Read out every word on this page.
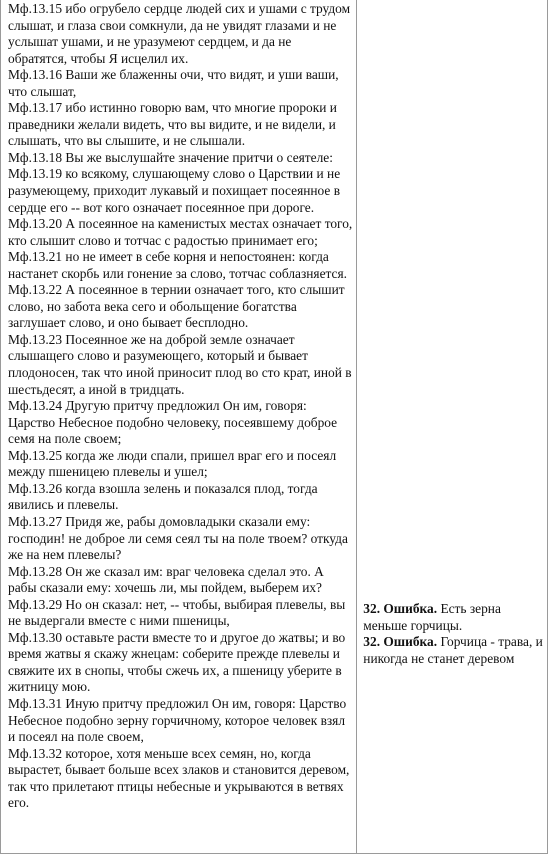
Мф.13.15 ибо огрубело сердце людей сих и ушами с трудом слышат, и глаза свои сомкнули, да не увидят глазами и не услышат ушами, и не уразумеют сердцем, и да не обратятся, чтобы Я исцелил их.

Мф.13.16 Ваши же блаженны очи, что видят, и уши ваши, что слышат,

Мф.13.17 ибо истинно говорю вам, что многие пророки и праведники желали видеть, что вы видите, и не видели, и слышать, что вы слышите, и не слышали.

Мф.13.18 Вы же выслушайте значение притчи о сеятеле:

Мф.13.19 ко всякому, слушающему слово о Царствии и не разумеющему, приходит лукавый и похищает посеянное в сердце его -- вот кого означает посеянное при дороге.

Мф.13.20 А посеянное на каменистых местах означает того, кто слышит слово и тотчас с радостью принимает его;

Мф.13.21 но не имеет в себе корня и непостоянен: когда настанет скорбь или гонение за слово, тотчас соблазняется.

Мф.13.22 А посеянное в тернии означает того, кто слышит слово, но забота века сего и обольщение богатства заглушает слово, и оно бывает бесплодно.

Мф.13.23 Посеянное же на доброй земле означает слышащего слово и разумеющего, который и бывает плодоносен, так что иной приносит плод во сто крат, иной в шестьдесят, а иной в тридцать.

Мф.13.24 Другую притчу предложил Он им, говоря: Царство Небесное подобно человеку, посеявшему доброе семя на поле своем;

Мф.13.25 когда же люди спали, пришел враг его и посеял между пшеницею плевелы и ушел;

Мф.13.26 когда взошла зелень и показался плод, тогда явились и плевелы.

Мф.13.27 Придя же, рабы домовладыки сказали ему: господин! не доброе ли семя сеял ты на поле твоем? откуда же на нем плевелы?

Мф.13.28 Он же сказал им: враг человека сделал это. А рабы сказали ему: хочешь ли, мы пойдем, выберем их?

Мф.13.29 Но он сказал: нет, -- чтобы, выбирая плевелы, вы не выдергали вместе с ними пшеницы,

Мф.13.30 оставьте расти вместе то и другое до жатвы; и во время жатвы я скажу жнецам: соберите прежде плевелы и свяжите их в снопы, чтобы сжечь их, а пшеницу уберите в житницу мою.

Мф.13.31 Иную притчу предложил Он им, говоря: Царство Небесное подобно зерну горчичному, которое человек взял и посеял на поле своем,

Мф.13.32 которое, хотя меньше всех семян, но, когда вырастет, бывает больше всех злаков и становится деревом, так что прилетают птицы небесные и укрываются в ветвях его.

32. Ошибка. Есть зерна меньше горчицы.

32. Ошибка. Горчица - трава, и никогда не станет деревом
